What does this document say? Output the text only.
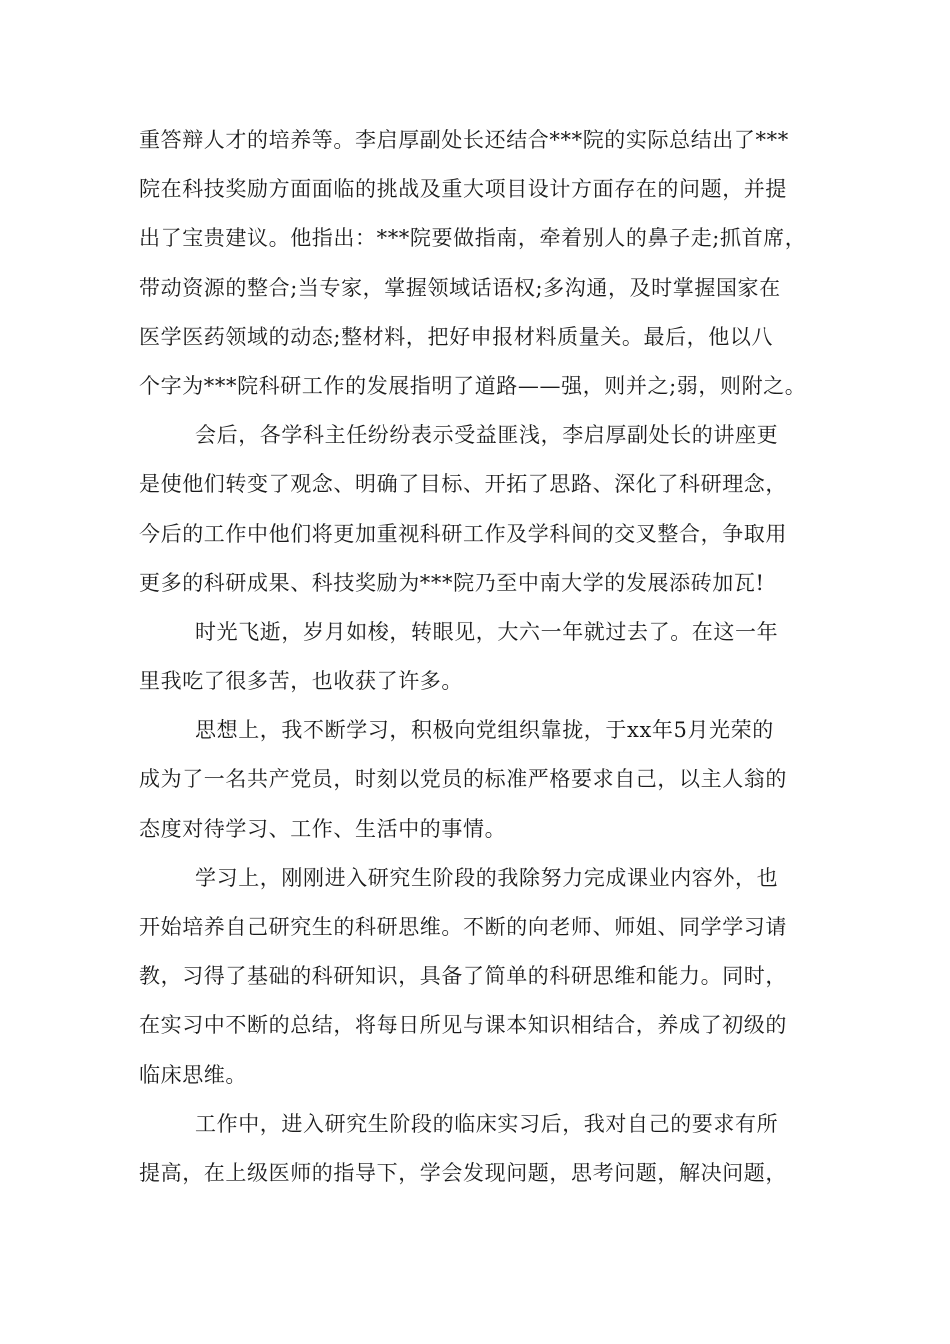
重答辩人才的培养等。李启厚副处长还结合***院的实际总结出了***
院在科技奖励方面面临的挑战及重大项目设计方面存在的问题，并提
出了宝贵建议。他指出：***院要做指南，牵着别人的鼻子走;抓首席，
带动资源的整合;当专家，掌握领域话语权;多沟通，及时掌握国家在
医学医药领域的动态;整材料，把好申报材料质量关。最后，他以八
个字为***院科研工作的发展指明了道路——强，则并之;弱，则附之。
会后，各学科主任纷纷表示受益匪浅，李启厚副处长的讲座更
是使他们转变了观念、明确了目标、开拓了思路、深化了科研理念，
今后的工作中他们将更加重视科研工作及学科间的交叉整合，争取用
更多的科研成果、科技奖励为***院乃至中南大学的发展添砖加瓦!
时光飞逝，岁月如梭，转眼见，大六一年就过去了。在这一年
里我吃了很多苦，也收获了许多。
思想上，我不断学习，积极向党组织靠拢，于xx年5月光荣的
成为了一名共产党员，时刻以党员的标准严格要求自己，以主人翁的
态度对待学习、工作、生活中的事情。
学习上，刚刚进入研究生阶段的我除努力完成课业内容外，也
开始培养自己研究生的科研思维。不断的向老师、师姐、同学学习请
教，习得了基础的科研知识，具备了简单的科研思维和能力。同时，
在实习中不断的总结，将每日所见与课本知识相结合，养成了初级的
临床思维。
工作中，进入研究生阶段的临床实习后，我对自己的要求有所
提高，在上级医师的指导下，学会发现问题，思考问题，解决问题，
